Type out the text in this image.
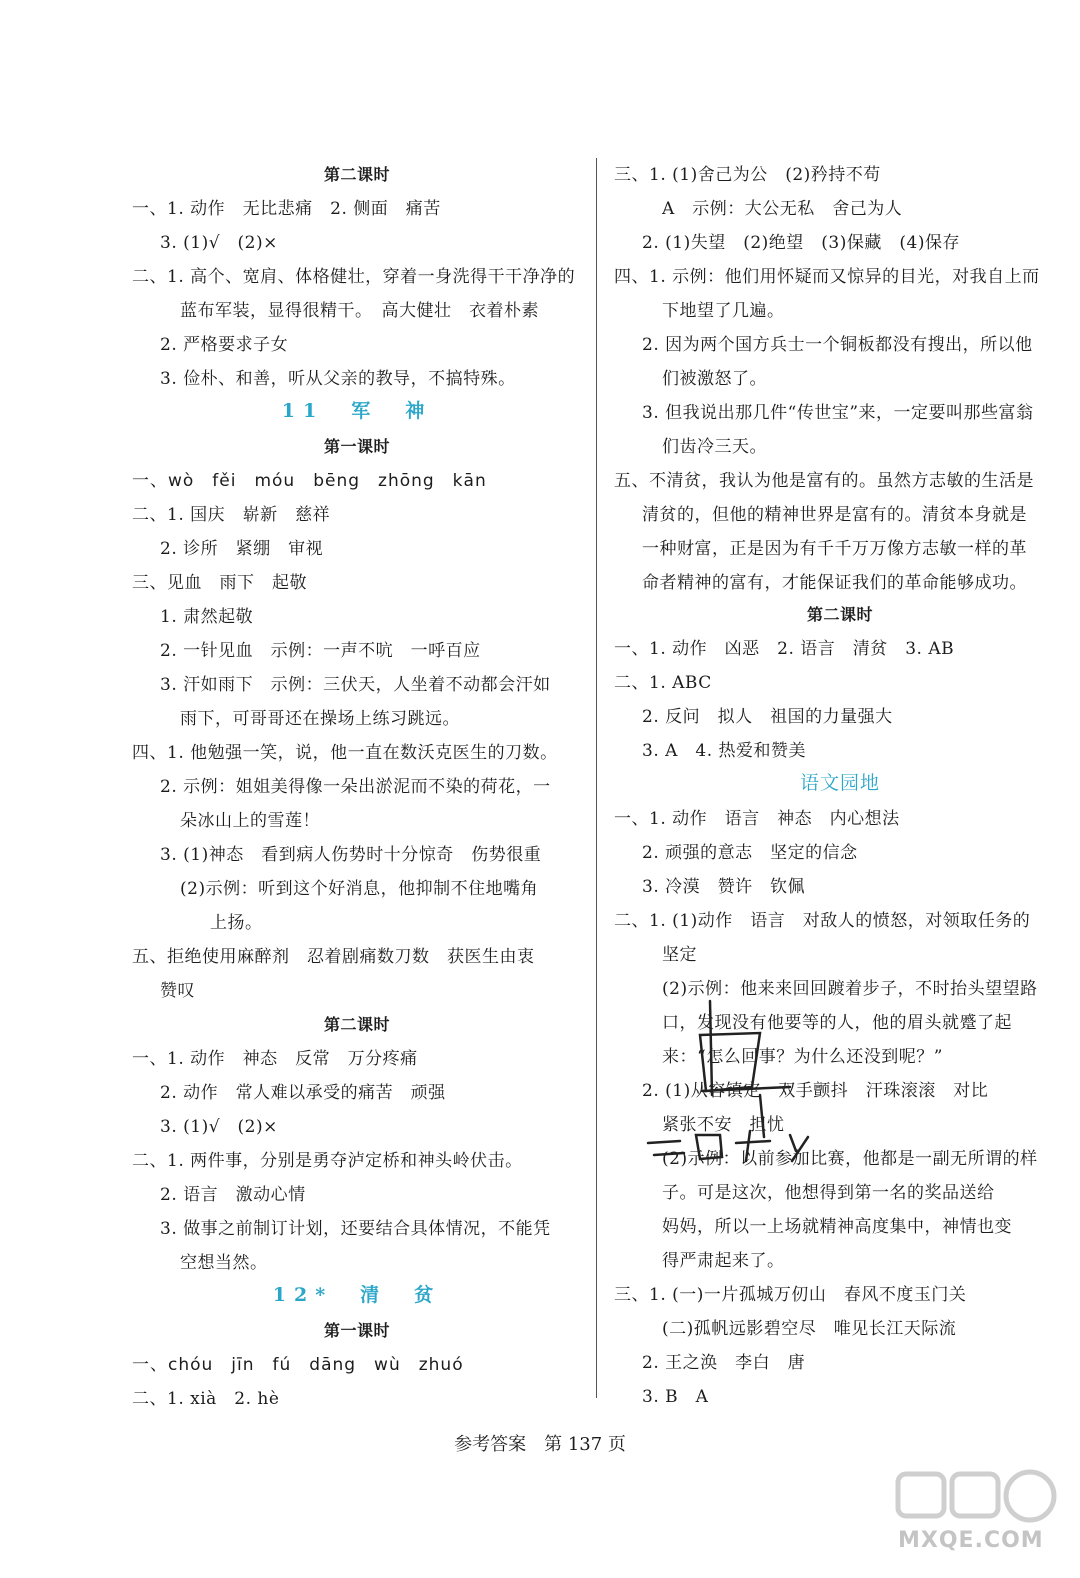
第二课时
一、1. 动作　无比悲痛　2. 侧面　痛苦
3. (1)√　(2)×
二、1. 高个、宽肩、体格健壮，穿着一身洗得干干净净的
蓝布军装，显得很精干。　高大健壮　衣着朴素
2. 严格要求子女
3. 俭朴、和善，听从父亲的教导，不搞特殊。
11　军　神
第一课时
一、wò　fěi　móu　bēng　zhōng　kān
二、1. 国庆　崭新　慈祥
2. 诊所　紧绷　审视
三、见血　雨下　起敬
1. 肃然起敬
2. 一针见血　示例：一声不吭　一呼百应
3. 汗如雨下　示例：三伏天，人坐着不动都会汗如
雨下，可哥哥还在操场上练习跳远。
四、1. 他勉强一笑，说，他一直在数沃克医生的刀数。
2. 示例：姐姐美得像一朵出淤泥而不染的荷花，一
朵冰山上的雪莲！
3. (1)神态　看到病人伤势时十分惊奇　伤势很重
(2)示例：听到这个好消息，他抑制不住地嘴角
上扬。
五、拒绝使用麻醉剂　忍着剧痛数刀数　获医生由衷
赞叹
第二课时
一、1. 动作　神态　反常　万分疼痛
2. 动作　常人难以承受的痛苦　顽强
3. (1)√　(2)×
二、1. 两件事，分别是勇夺泸定桥和神头岭伏击。
2. 语言　激动心情
3. 做事之前制订计划，还要结合具体情况，不能凭
空想当然。
12*　清　贫
第一课时
一、chóu　jīn　fú　dāng　wù　zhuó
二、1. xià　2. hè
三、1. (1)舍己为公　(2)矜持不苟
A　示例：大公无私　舍己为人
2. (1)失望　(2)绝望　(3)保藏　(4)保存
四、1. 示例：他们用怀疑而又惊异的目光，对我自上而
下地望了几遍。
2. 因为两个国方兵士一个铜板都没有搜出，所以他
们被激怒了。
3. 但我说出那几件“传世宝”来，一定要叫那些富翁
们齿冷三天。
五、不清贫，我认为他是富有的。虽然方志敏的生活是
清贫的，但他的精神世界是富有的。清贫本身就是
一种财富，正是因为有千千万万像方志敏一样的革
命者精神的富有，才能保证我们的革命能够成功。
第二课时
一、1. 动作　凶恶　2. 语言　清贫　3. AB
二、1. ABC
2. 反问　拟人　祖国的力量强大
3. A　4. 热爱和赞美
语文园地
一、1. 动作　语言　神态　内心想法
2. 顽强的意志　坚定的信念
3. 冷漠　赞许　钦佩
二、1. (1)动作　语言　对敌人的愤怒，对领取任务的
坚定
(2)示例：他来来回回踱着步子，不时抬头望望路
口，发现没有他要等的人，他的眉头就蹙了起
来：“怎么回事？为什么还没到呢？”
2. (1)从容镇定　双手颤抖　汗珠滚滚　对比
紧张不安　担忧
(2)示例：以前参加比赛，他都是一副无所谓的样
子。可是这次，他想得到第一名的奖品送给
妈妈，所以一上场就精神高度集中，神情也变
得严肃起来了。
三、1. (一)一片孤城万仞山　春风不度玉门关
(二)孤帆远影碧空尽　唯见长江天际流
2. 王之涣　李白　唐
3. B　A
参考答案　第 137 页
MXQE.COM
